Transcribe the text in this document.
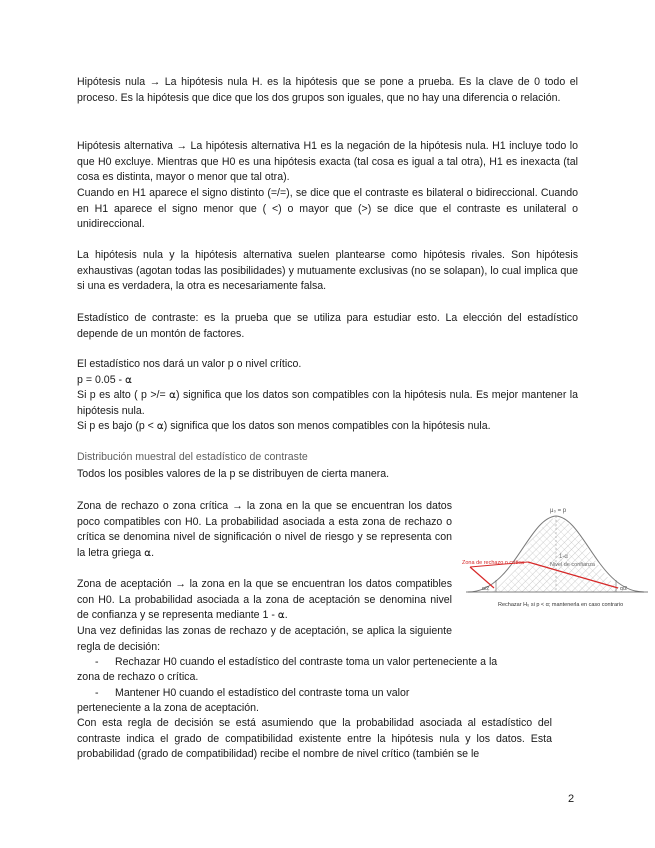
Hipótesis nula → La hipótesis nula H. es la hipótesis que se pone a prueba. Es la clave de 0 todo el proceso. Es la hipótesis que dice que los dos grupos son iguales, que no hay una diferencia o relación.

Hipótesis alternativa → La hipótesis alternativa H1 es la negación de la hipótesis nula. H1 incluye todo lo que H0 excluye. Mientras que H0 es una hipótesis exacta (tal cosa es igual a tal otra), H1 es inexacta (tal cosa es distinta, mayor o menor que tal otra).

Cuando en H1 aparece el signo distinto (=/=), se dice que el contraste es bilateral o bidireccional. Cuando en H1 aparece el signo menor que ( <) o mayor que (>) se dice que el contraste es unilateral o unidireccional.

La hipótesis nula y la hipótesis alternativa suelen plantearse como hipótesis rivales. Son hipótesis exhaustivas (agotan todas las posibilidades) y mutuamente exclusivas (no se solapan), lo cual implica que si una es verdadera, la otra es necesariamente falsa.

Estadístico de contraste: es la prueba que se utiliza para estudiar esto. La elección del estadístico depende de un montón de factores.

El estadístico nos dará un valor p o nivel crítico.

p = 0.05 - ⍺

Si p es alto ( p >/= ⍺) significa que los datos son compatibles con la hipótesis nula. Es mejor mantener la hipótesis nula.

Si p es bajo (p < ⍺) significa que los datos son menos compatibles con la hipótesis nula.

Distribución muestral del estadístico de contraste

Todos los posibles valores de la p se distribuyen de cierta manera.

Zona de rechazo o zona crítica → la zona en la que se encuentran los datos poco compatibles con H0. La probabilidad asociada a esta zona de rechazo o crítica se denomina nivel de significación o nivel de riesgo y se representa con la letra griega ⍺.

Zona de aceptación → la zona en la que se encuentran los datos compatibles con H0. La probabilidad asociada a la zona de aceptación se denomina nivel de confianza y se representa mediante 1 - ⍺.

Una vez definidas las zonas de rechazo y de aceptación, se aplica la siguiente regla de decisión:

- Rechazar H0 cuando el estadístico del contraste toma un valor perteneciente a la

zona de rechazo o crítica.

- Mantener H0 cuando el estadístico del contraste toma un valor

perteneciente a la zona de aceptación.

Con esta regla de decisión se está asumiendo que la probabilidad asociada al estadístico del contraste indica el grado de compatibilidad existente entre la hipótesis nula y los datos. Esta probabilidad (grado de compatibilidad) recibe el nombre de nivel crítico (también se le

μ₀ = p
1-α
Nivel de confianza
Zona de rechazo o crítica
α/2	α/2
Rechazar H₀ si p < α; mantenerla en caso contrario
2
